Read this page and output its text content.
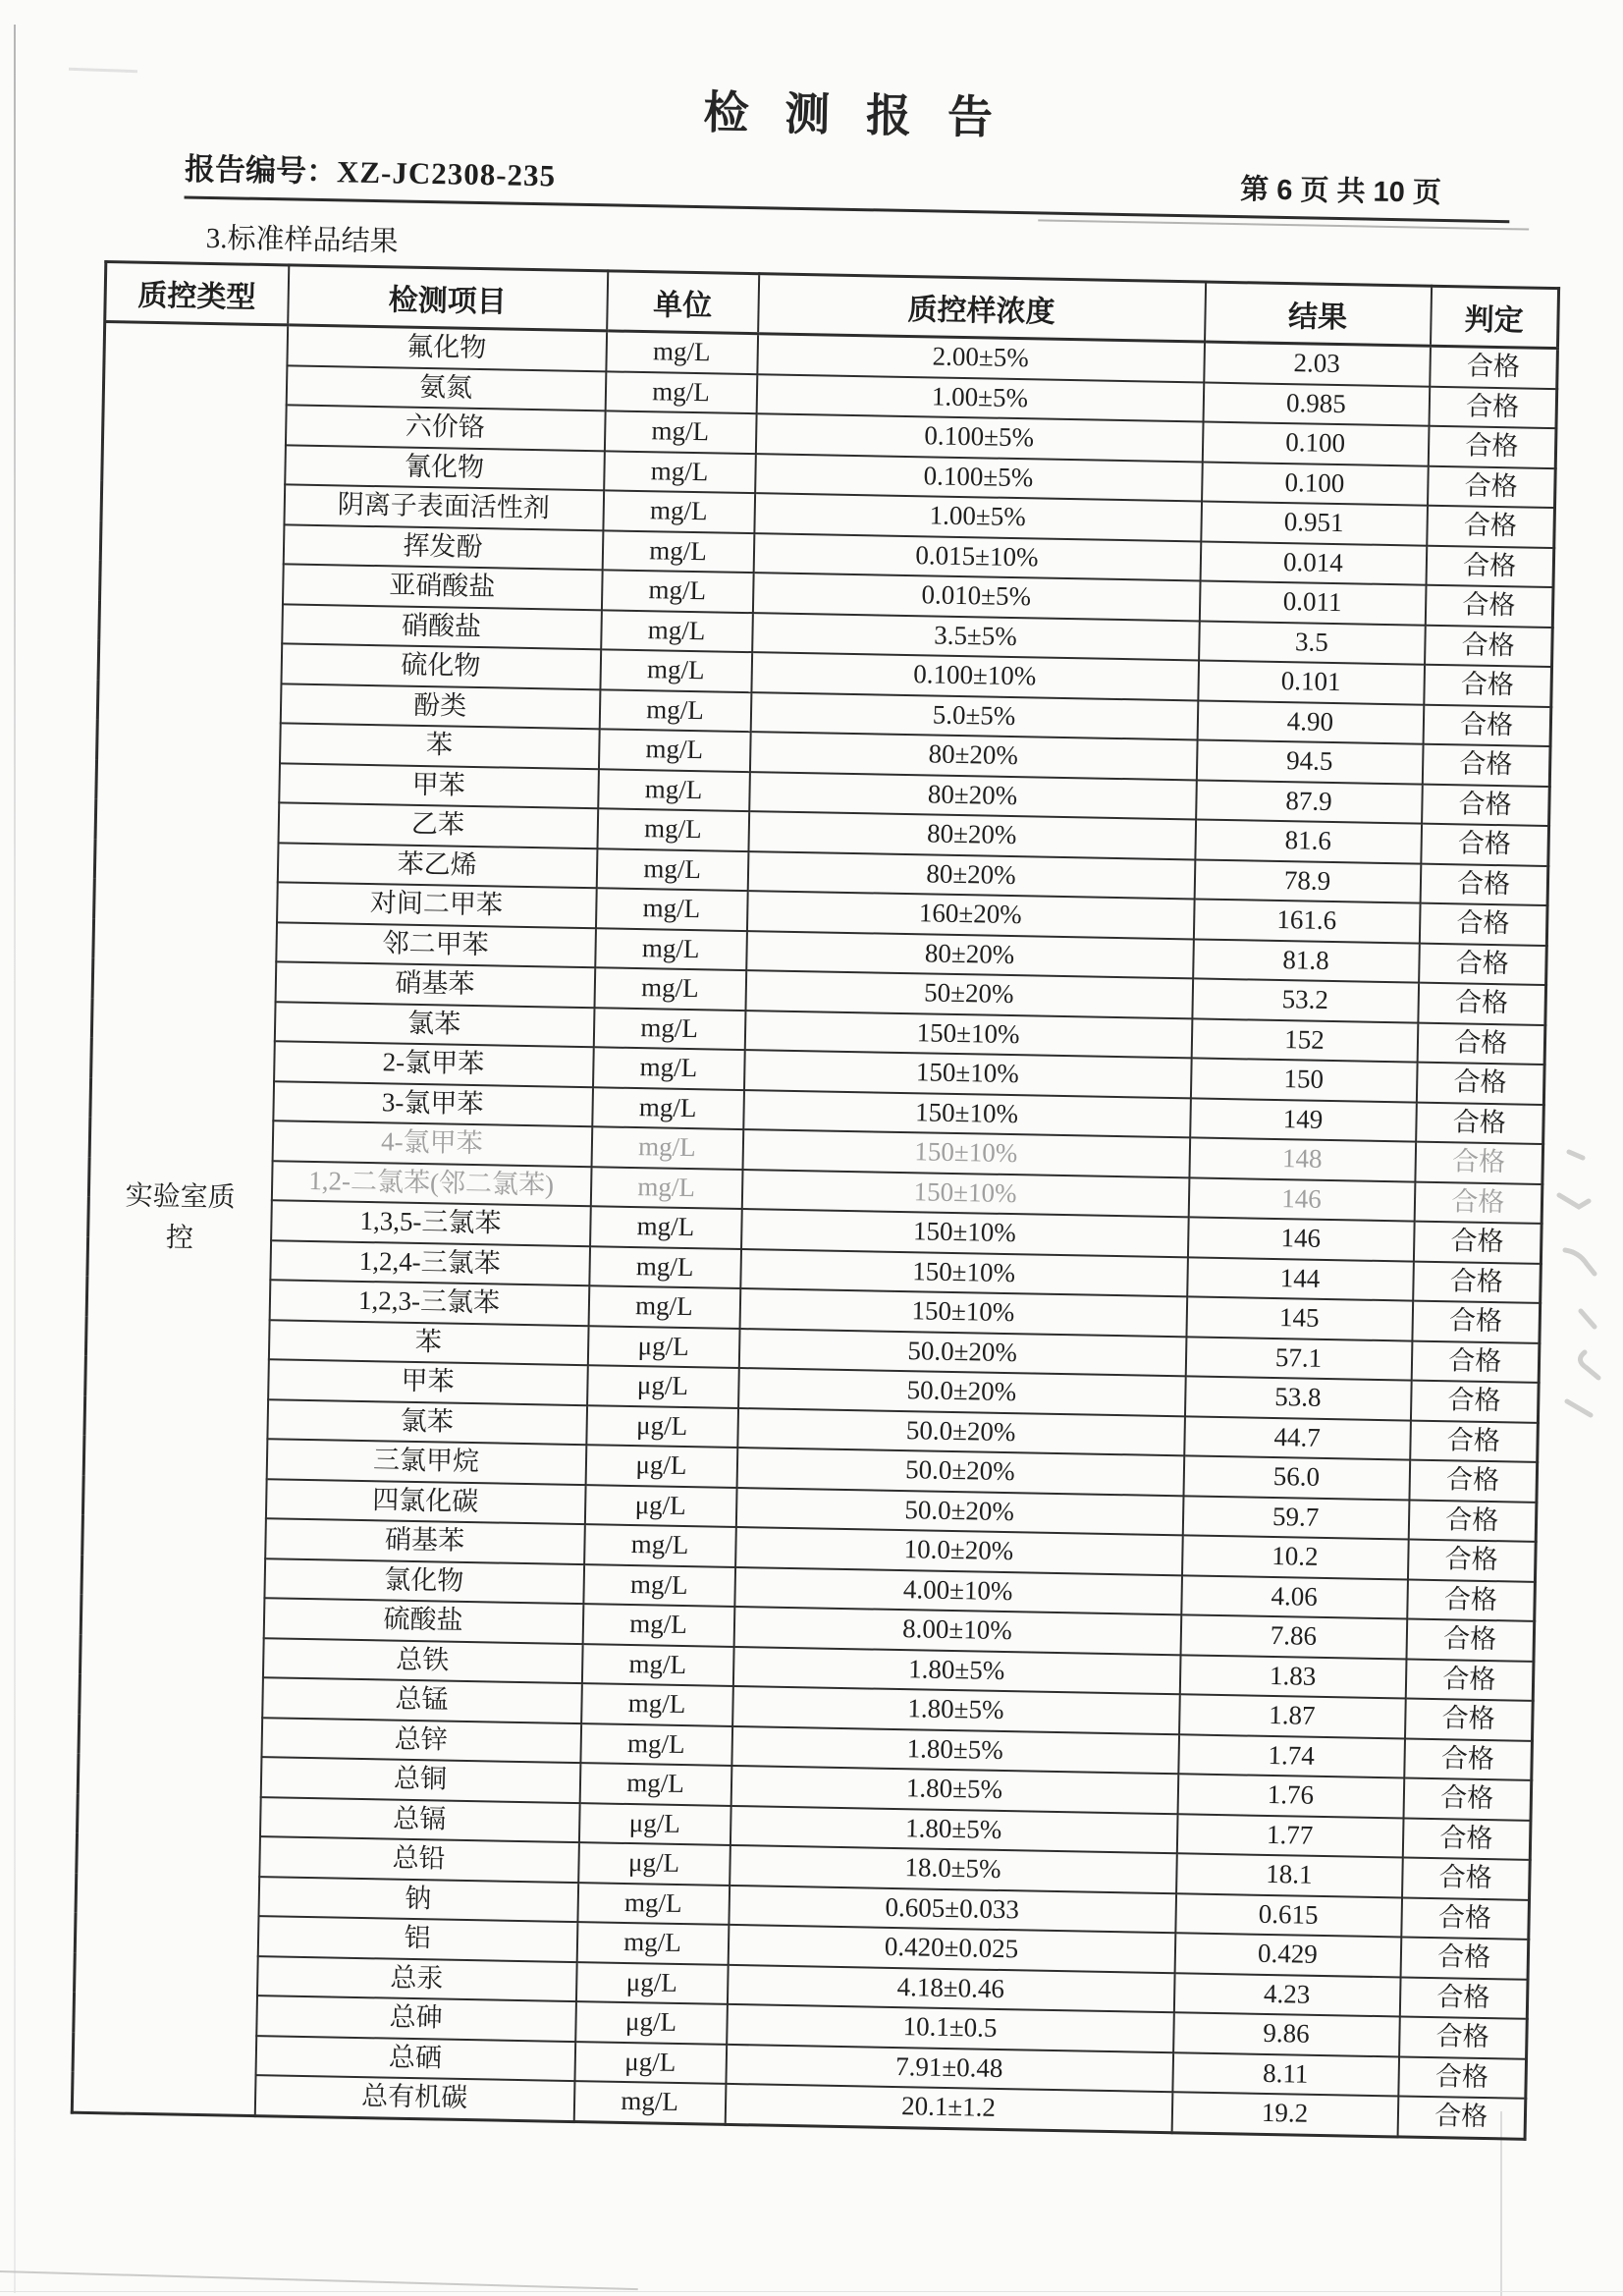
检 测 报 告
报告编号：XZ-JC2308-235	第 6 页 共 10 页
3.标准样品结果
质控类型	检测项目	单位	质控样浓度	结果	判定

实验室质
控	氟化物	mg/L	2.00±5%	2.03	合格
	氨氮	mg/L	1.00±5%	0.985	合格
	六价铬	mg/L	0.100±5%	0.100	合格
	氰化物	mg/L	0.100±5%	0.100	合格
	阴离子表面活性剂	mg/L	1.00±5%	0.951	合格
	挥发酚	mg/L	0.015±10%	0.014	合格
	亚硝酸盐	mg/L	0.010±5%	0.011	合格
	硝酸盐	mg/L	3.5±5%	3.5	合格
	硫化物	mg/L	0.100±10%	0.101	合格
	酚类	mg/L	5.0±5%	4.90	合格
	苯	mg/L	80±20%	94.5	合格
	甲苯	mg/L	80±20%	87.9	合格
	乙苯	mg/L	80±20%	81.6	合格
	苯乙烯	mg/L	80±20%	78.9	合格
	对间二甲苯	mg/L	160±20%	161.6	合格
	邻二甲苯	mg/L	80±20%	81.8	合格
	硝基苯	mg/L	50±20%	53.2	合格
	氯苯	mg/L	150±10%	152	合格
	2-氯甲苯	mg/L	150±10%	150	合格
	3-氯甲苯	mg/L	150±10%	149	合格
	4-氯甲苯	mg/L	150±10%	148	合格
	1,2-二氯苯(邻二氯苯)	mg/L	150±10%	146	合格
	1,3,5-三氯苯	mg/L	150±10%	146	合格
	1,2,4-三氯苯	mg/L	150±10%	144	合格
	1,2,3-三氯苯	mg/L	150±10%	145	合格
	苯	μg/L	50.0±20%	57.1	合格
	甲苯	μg/L	50.0±20%	53.8	合格
	氯苯	μg/L	50.0±20%	44.7	合格
	三氯甲烷	μg/L	50.0±20%	56.0	合格
	四氯化碳	μg/L	50.0±20%	59.7	合格
	硝基苯	mg/L	10.0±20%	10.2	合格
	氯化物	mg/L	4.00±10%	4.06	合格
	硫酸盐	mg/L	8.00±10%	7.86	合格
	总铁	mg/L	1.80±5%	1.83	合格
	总锰	mg/L	1.80±5%	1.87	合格
	总锌	mg/L	1.80±5%	1.74	合格
	总铜	mg/L	1.80±5%	1.76	合格
	总镉	μg/L	1.80±5%	1.77	合格
	总铅	μg/L	18.0±5%	18.1	合格
	钠	mg/L	0.605±0.033	0.615	合格
	铝	mg/L	0.420±0.025	0.429	合格
	总汞	μg/L	4.18±0.46	4.23	合格
	总砷	μg/L	10.1±0.5	9.86	合格
	总硒	μg/L	7.91±0.48	8.11	合格
	总有机碳	mg/L	20.1±1.2	19.2	合格
